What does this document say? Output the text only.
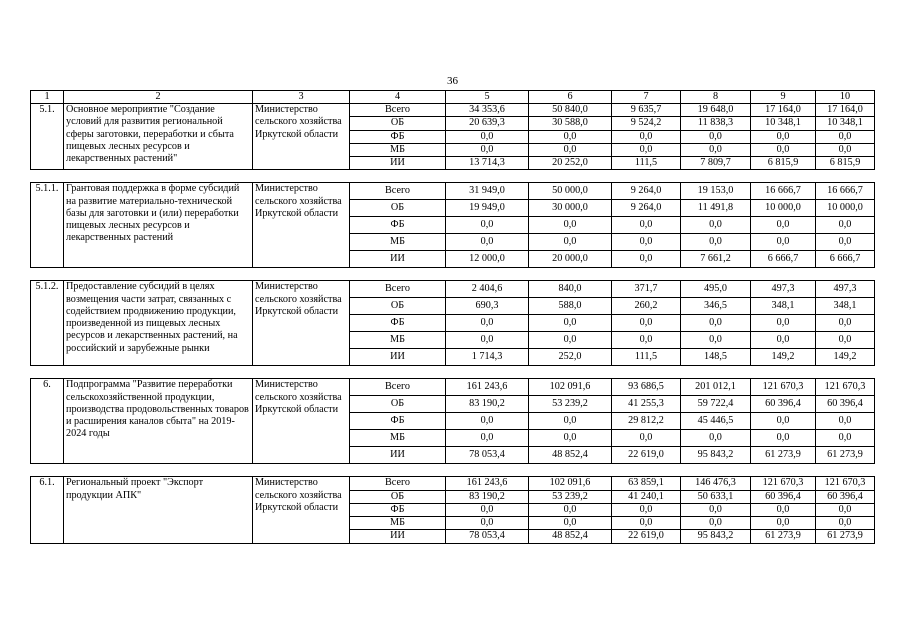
36
1	2	3	4	5	6	7	8	9	10
5.1.	Основное мероприятие "Создание условий для развития региональной сферы заготовки, переработки и сбыта пищевых лесных ресурсов и лекарственных растений"	Министерство сельского хозяйства Иркутской области	Всего	34 353,6	50 840,0	9 635,7	19 648,0	17 164,0	17 164,0
			ОБ	20 639,3	30 588,0	9 524,2	11 838,3	10 348,1	10 348,1
			ФБ	0,0	0,0	0,0	0,0	0,0	0,0
			МБ	0,0	0,0	0,0	0,0	0,0	0,0
			ИИ	13 714,3	20 252,0	111,5	7 809,7	6 815,9	6 815,9

5.1.1.	Грантовая поддержка в форме субсидий на развитие материально-технической базы для заготовки и (или) переработки пищевых лесных ресурсов и лекарственных растений	Министерство сельского хозяйства Иркутской области	Всего	31 949,0	50 000,0	9 264,0	19 153,0	16 666,7	16 666,7
			ОБ	19 949,0	30 000,0	9 264,0	11 491,8	10 000,0	10 000,0
			ФБ	0,0	0,0	0,0	0,0	0,0	0,0
			МБ	0,0	0,0	0,0	0,0	0,0	0,0
			ИИ	12 000,0	20 000,0	0,0	7 661,2	6 666,7	6 666,7

5.1.2.	Предоставление субсидий в целях возмещения части затрат, связанных с содействием продвижению продукции, произведенной из пищевых лесных ресурсов и лекарственных растений, на российский и зарубежные рынки	Министерство сельского хозяйства Иркутской области	Всего	2 404,6	840,0	371,7	495,0	497,3	497,3
			ОБ	690,3	588,0	260,2	346,5	348,1	348,1
			ФБ	0,0	0,0	0,0	0,0	0,0	0,0
			МБ	0,0	0,0	0,0	0,0	0,0	0,0
			ИИ	1 714,3	252,0	111,5	148,5	149,2	149,2

6.	Подпрограмма "Развитие переработки сельскохозяйственной продукции, производства продовольственных товаров и расширения каналов сбыта" на 2019-2024 годы	Министерство сельского хозяйства Иркутской области	Всего	161 243,6	102 091,6	93 686,5	201 012,1	121 670,3	121 670,3
			ОБ	83 190,2	53 239,2	41 255,3	59 722,4	60 396,4	60 396,4
			ФБ	0,0	0,0	29 812,2	45 446,5	0,0	0,0
			МБ	0,0	0,0	0,0	0,0	0,0	0,0
			ИИ	78 053,4	48 852,4	22 619,0	95 843,2	61 273,9	61 273,9

6.1.	Региональный проект "Экспорт продукции АПК"	Министерство сельского хозяйства Иркутской области	Всего	161 243,6	102 091,6	63 859,1	146 476,3	121 670,3	121 670,3
			ОБ	83 190,2	53 239,2	41 240,1	50 633,1	60 396,4	60 396,4
			ФБ	0,0	0,0	0,0	0,0	0,0	0,0
			МБ	0,0	0,0	0,0	0,0	0,0	0,0
			ИИ	78 053,4	48 852,4	22 619,0	95 843,2	61 273,9	61 273,9
